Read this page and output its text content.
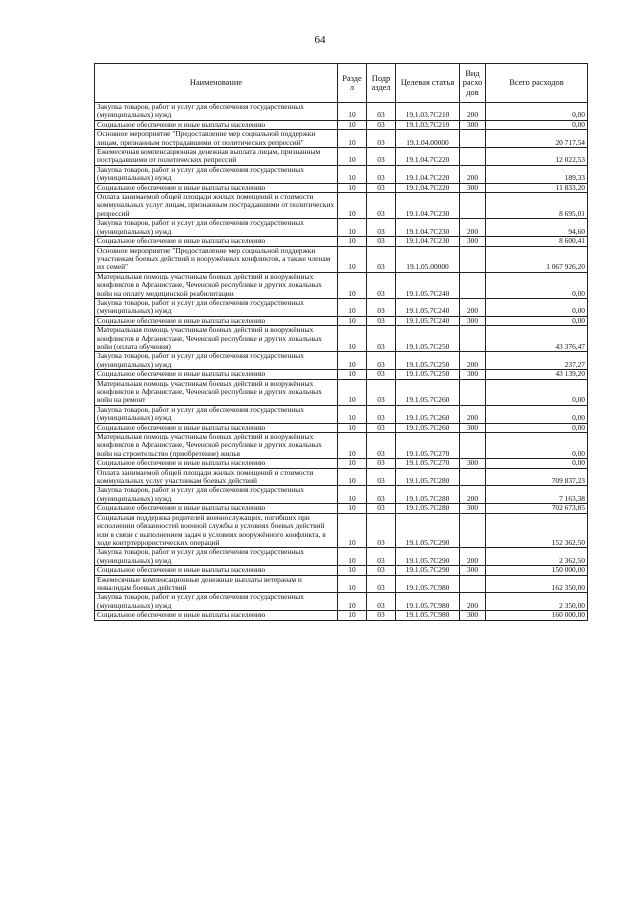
64
Наименование	Разде л	Подр аздел	Целевая статья	Вид расхо дов	Всего расходов
Закупка товаров, работ и услуг для обеспечения государственных (муниципальных) нужд	10	03	19.1.03.7С210	200	0,00
Социальное обеспечение и иные выплаты населению	10	03	19.1.03.7С210	300	0,00
Основное мероприятие "Предоставление мер социальной поддержки лицам, признанным пострадавшими от политических репрессий"	10	03	19.1.04.00000		20 717,54
Ежемесячная компенсационная денежная выплата лицам, признанным пострадавшими от политических репрессий	10	03	19.1.04.7С220		12 022,53
Закупка товаров, работ и услуг для обеспечения государственных (муниципальных) нужд	10	03	19.1.04.7С220	200	189,33
Социальное обеспечение и иные выплаты населению	10	03	19.1.04.7С220	300	11 833,20
Оплата занимаемой общей площади жилых помещений и стоимости коммунальных услуг лицам, признанным пострадавшими от политических репрессий	10	03	19.1.04.7С230		8 695,01
Закупка товаров, работ и услуг для обеспечения государственных (муниципальных) нужд	10	03	19.1.04.7С230	200	94,60
Социальное обеспечение и иные выплаты населению	10	03	19.1.04.7С230	300	8 600,41
Основное мероприятие "Предоставление мер социальной поддержки участникам боевых действий и вооружённых конфликтов, а также членам их семей"	10	03	19.1.05.00000		1 067 926,20
Материальная помощь участникам боевых действий и вооружённых конфликтов в Афганистане, Чеченской республике и других локальных войн на оплату медицинской реабилитации	10	03	19.1.05.7С240		0,00
Закупка товаров, работ и услуг для обеспечения государственных (муниципальных) нужд	10	03	19.1.05.7С240	200	0,00
Социальное обеспечение и иные выплаты населению	10	03	19.1.05.7С240	300	0,00
Материальная помощь участникам боевых действий и вооружённых конфликтов в Афганистане, Чеченской республике и других локальных войн (оплата обучения)	10	03	19.1.05.7С250		43 376,47
Закупка товаров, работ и услуг для обеспечения государственных (муниципальных) нужд	10	03	19.1.05.7С250	200	237,27
Социальное обеспечение и иные выплаты населению	10	03	19.1.05.7С250	300	43 139,20
Материальная помощь участникам боевых действий и вооружённых конфликтов в Афганистане, Чеченской республике и других локальных войн на ремонт	10	03	19.1.05.7С260		0,00
Закупка товаров, работ и услуг для обеспечения государственных (муниципальных) нужд	10	03	19.1.05.7С260	200	0,00
Социальное обеспечение и иные выплаты населению	10	03	19.1.05.7С260	300	0,00
Материальная помощь участникам боевых действий и вооружённых конфликтов в Афганистане, Чеченской республике и других локальных войн на строительство (приобретение) жилья	10	03	19.1.05.7С270		0,00
Социальное обеспечение и иные выплаты населению	10	03	19.1.05.7С270	300	0,00
Оплата занимаемой общей площади жилых помещений и стоимости коммунальных услуг участникам боевых действий	10	03	19.1.05.7С280		709 837,23
Закупка товаров, работ и услуг для обеспечения государственных (муниципальных) нужд	10	03	19.1.05.7С280	200	7 163,38
Социальное обеспечение и иные выплаты населению	10	03	19.1.05.7С280	300	702 673,85
Социальная поддержка родителей военнослужащих, погибших при исполнении обязанностей военной службы в условиях боевых действий или в связи с выполнением задач в условиях вооружённого конфликта, в ходе контртеррористических операций	10	03	19.1.05.7С290		152 362,50
Закупка товаров, работ и услуг для обеспечения государственных (муниципальных) нужд	10	03	19.1.05.7С290	200	2 362,50
Социальное обеспечение и иные выплаты населению	10	03	19.1.05.7С290	300	150 000,00
Ежемесячные компенсационные денежные выплаты ветеранам и инвалидам боевых действий	10	03	19.1.05.7С980		162 350,00
Закупка товаров, работ и услуг для обеспечения государственных (муниципальных) нужд	10	03	19.1.05.7С980	200	2 350,00
Социальное обеспечение и иные выплаты населению	10	03	19.1.05.7С980	300	160 000,00
